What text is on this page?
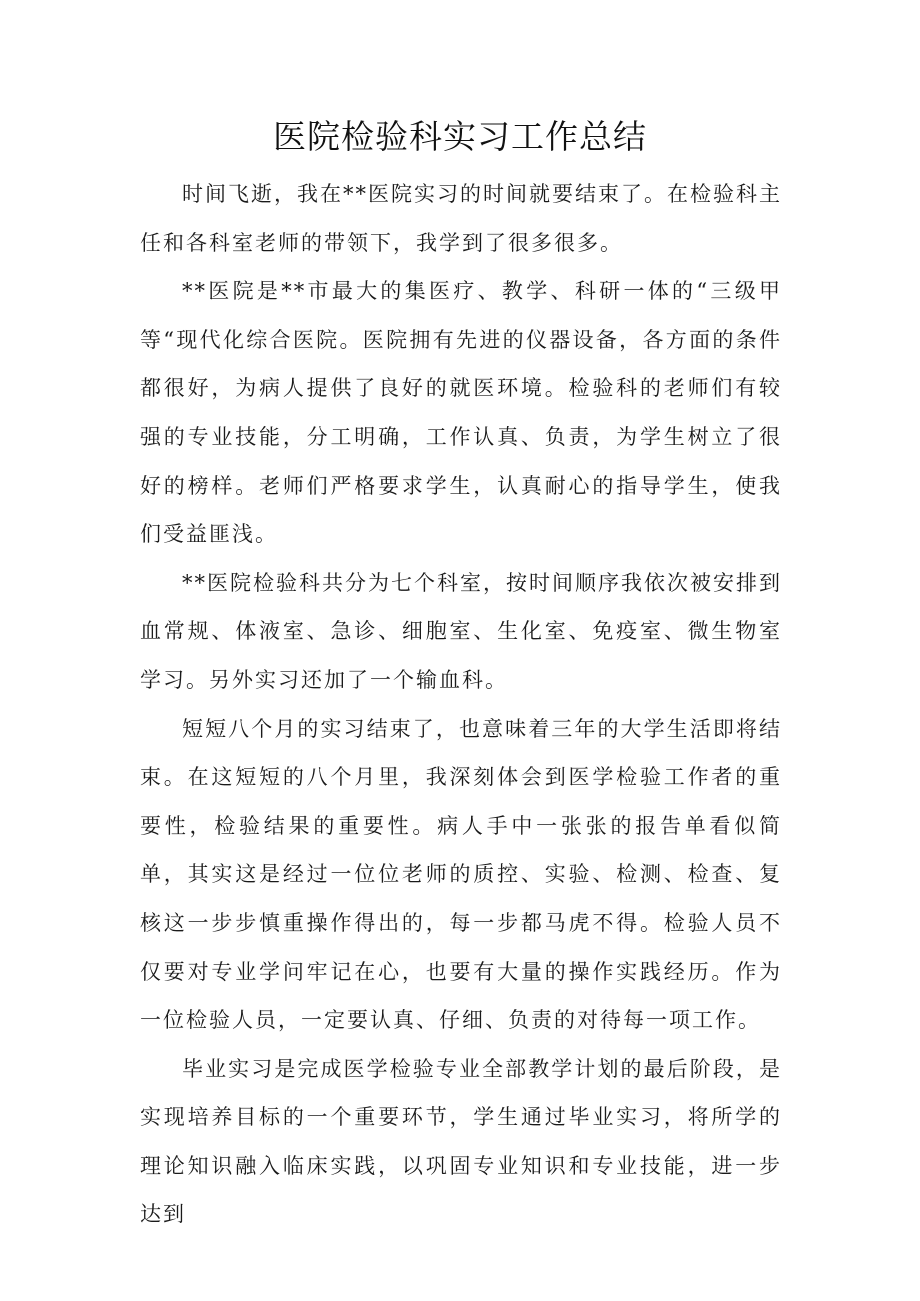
医院检验科实习工作总结

时间飞逝，我在**医院实习的时间就要结束了。在检验科主任和各科室老师的带领下，我学到了很多很多。

**医院是**市最大的集医疗、教学、科研一体的“三级甲等“现代化综合医院。医院拥有先进的仪器设备，各方面的条件都很好，为病人提供了良好的就医环境。检验科的老师们有较强的专业技能，分工明确，工作认真、负责，为学生树立了很好的榜样。老师们严格要求学生，认真耐心的指导学生，使我们受益匪浅。

**医院检验科共分为七个科室，按时间顺序我依次被安排到血常规、体液室、急诊、细胞室、生化室、免疫室、微生物室学习。另外实习还加了一个输血科。

短短八个月的实习结束了，也意味着三年的大学生活即将结束。在这短短的八个月里，我深刻体会到医学检验工作者的重要性，检验结果的重要性。病人手中一张张的报告单看似简单，其实这是经过一位位老师的质控、实验、检测、检查、复核这一步步慎重操作得出的，每一步都马虎不得。检验人员不仅要对专业学问牢记在心，也要有大量的操作实践经历。作为一位检验人员，一定要认真、仔细、负责的对待每一项工作。

毕业实习是完成医学检验专业全部教学计划的最后阶段，是实现培养目标的一个重要环节，学生通过毕业实习，将所学的理论知识融入临床实践，以巩固专业知识和专业技能，进一步达到
